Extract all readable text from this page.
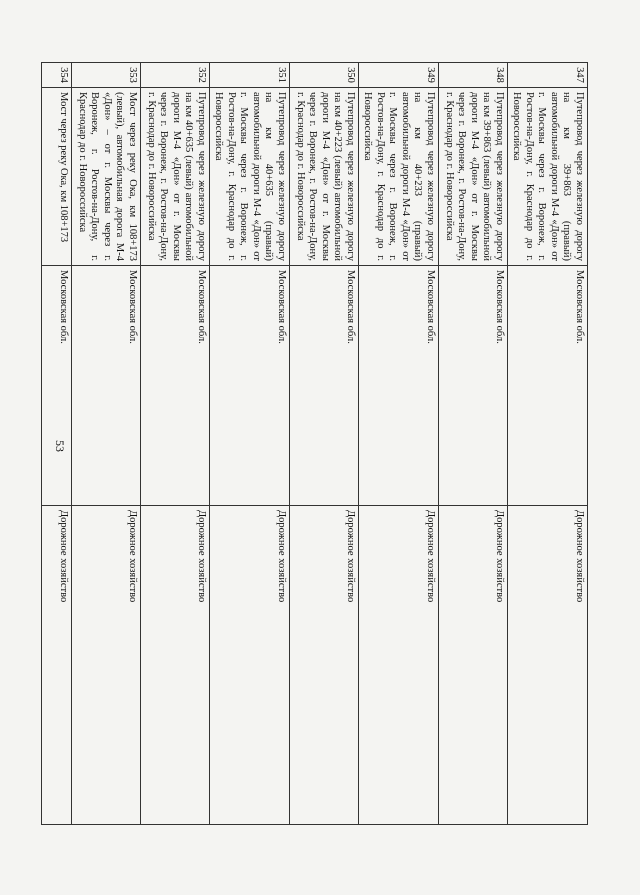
53
347	Путепровод через железную дорогу на км 39+863 (правый) автомобильной дороги М-4 «Дон» от г. Москвы через г. Воронеж, г. Ростов-на-Дону, г. Краснодар до г. Новороссийска	Московская обл.	Дорожное хозяйство
348	Путепровод через железную дорогу на км 39+863 (левый) автомобильной дороги М-4 «Дон» от г. Москвы через г. Воронеж, г. Ростов-на-Дону, г. Краснодар до г. Новороссийска	Московская обл.	Дорожное хозяйство
349	Путепровод через железную дорогу на км 40+233 (правый) автомобильной дороги М-4 «Дон» от г. Москвы через г. Воронеж, г. Ростов-на-Дону, г. Краснодар до г. Новороссийска	Московская обл.	Дорожное хозяйство
350	Путепровод через железную дорогу на км 40+223 (левый) автомобильной дороги М-4 «Дон» от г. Москвы через г. Воронеж, г. Ростов-на-Дону, г. Краснодар до г. Новороссийска	Московская обл.	Дорожное хозяйство
351	Путепровод через железную дорогу на км 40+635 (правый) автомобильной дороги М-4 «Дон» от г. Москвы через г. Воронеж, г. Ростов-на-Дону, г. Краснодар до г. Новороссийска	Московская обл.	Дорожное хозяйство
352	Путепровод через железную дорогу на км 40+635 (левый) автомобильной дороги М-4 «Дон» от г. Москвы через г. Воронеж, г. Ростов-на-Дону, г. Краснодар до г. Новороссийска	Московская обл.	Дорожное хозяйство
353	Мост через реку Ока, км 108+173 (левый), автомобильная дорога М-4 «Дон» – от г. Москвы через г. Воронеж, г. Ростов-на-Дону, г. Краснодар до г. Новороссийска	Московская обл.	Дорожное хозяйство
354	Мост через реку Ока, км 108+173	Московская обл.	Дорожное хозяйство
